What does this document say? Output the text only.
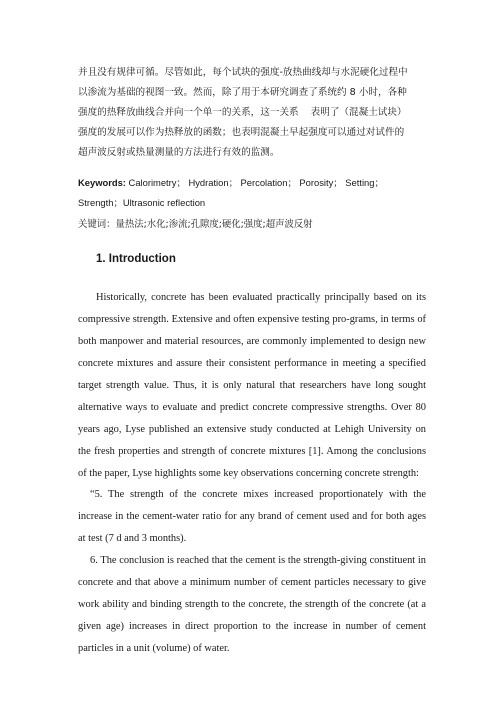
并且没有规律可循。尽管如此，每个试块的强度-放热曲线却与水泥硬化过程中
以渗流为基础的视图一致。然而，除了用于本研究调查了系统约 8 小时，各种
强度的热释放曲线合并向一个单一的关系，这一关系 表明了（混凝土试块）
强度的发展可以作为热释放的函数；也表明混凝土早起强度可以通过对试件的
超声波反射或热量测量的方法进行有效的监测。

Keywords: Calorimetry； Hydration； Percolation； Porosity； Setting； Strength；Ultrasonic reflection

关键词：量热法;水化;渗流;孔隙度;硬化;强度;超声波反射

1. Introduction

Historically, concrete has been evaluated practically principally based on its compressive strength. Extensive and often expensive testing pro-grams, in terms of both manpower and material resources, are commonly implemented to design new concrete mixtures and assure their consistent performance in meeting a specified target strength value. Thus, it is only natural that researchers have long sought alternative ways to evaluate and predict concrete compressive strengths. Over 80 years ago, Lyse published an extensive study conducted at Lehigh University on the fresh properties and strength of concrete mixtures [1]. Among the conclusions of the paper, Lyse highlights some key observations concerning concrete strength:

“5. The strength of the concrete mixes increased proportionately with the increase in the cement-water ratio for any brand of cement used and for both ages at test (7 d and 3 months).

6. The conclusion is reached that the cement is the strength-giving constituent in concrete and that above a minimum number of cement particles necessary to give work ability and binding strength to the concrete, the strength of the concrete (at a given age) increases in direct proportion to the increase in number of cement particles in a unit (volume) of water.
